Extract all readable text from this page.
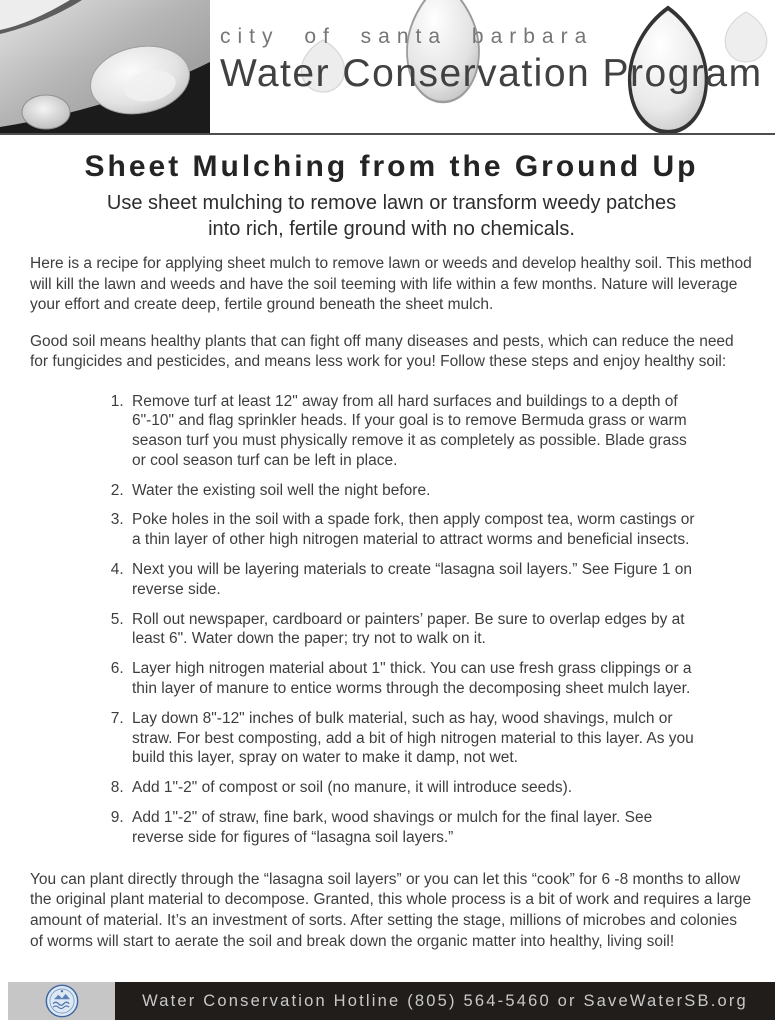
city of santa barbara
Water Conservation Program
Sheet Mulching from the Ground Up
Use sheet mulching to remove lawn or transform weedy patches
into rich, fertile ground with no chemicals.

Here is a recipe for applying sheet mulch to remove lawn or weeds and develop healthy soil. This method will kill the lawn and weeds and have the soil teeming with life within a few months. Nature will leverage your effort and create deep, fertile ground beneath the sheet mulch.

Good soil means healthy plants that can fight off many diseases and pests, which can reduce the need for fungicides and pesticides, and means less work for you! Follow these steps and enjoy healthy soil:

1. Remove turf at least 12" away from all hard surfaces and buildings to a depth of 6"-10" and flag sprinkler heads. If your goal is to remove Bermuda grass or warm season turf you must physically remove it as completely as possible. Blade grass or cool season turf can be left in place.
2. Water the existing soil well the night before.
3. Poke holes in the soil with a spade fork, then apply compost tea, worm castings or a thin layer of other high nitrogen material to attract worms and beneficial insects.
4. Next you will be layering materials to create “lasagna soil layers.” See Figure 1 on reverse side.
5. Roll out newspaper, cardboard or painters’ paper. Be sure to overlap edges by at least 6". Water down the paper; try not to walk on it.
6. Layer high nitrogen material about 1" thick. You can use fresh grass clippings or a thin layer of manure to entice worms through the decomposing sheet mulch layer.
7. Lay down 8"-12" inches of bulk material, such as hay, wood shavings, mulch or straw. For best composting, add a bit of high nitrogen material to this layer. As you build this layer, spray on water to make it damp, not wet.
8. Add 1"-2" of compost or soil (no manure, it will introduce seeds).
9. Add 1"-2" of straw, fine bark, wood shavings or mulch for the final layer. See reverse side for figures of “lasagna soil layers.”

You can plant directly through the “lasagna soil layers” or you can let this “cook” for 6 -8 months to allow the original plant material to decompose. Granted, this whole process is a bit of work and requires a large amount of material. It’s an investment of sorts. After setting the stage, millions of microbes and colonies of worms will start to aerate the soil and break down the organic matter into healthy, living soil!

Water Conservation Hotline (805) 564-5460 or SaveWaterSB.org
